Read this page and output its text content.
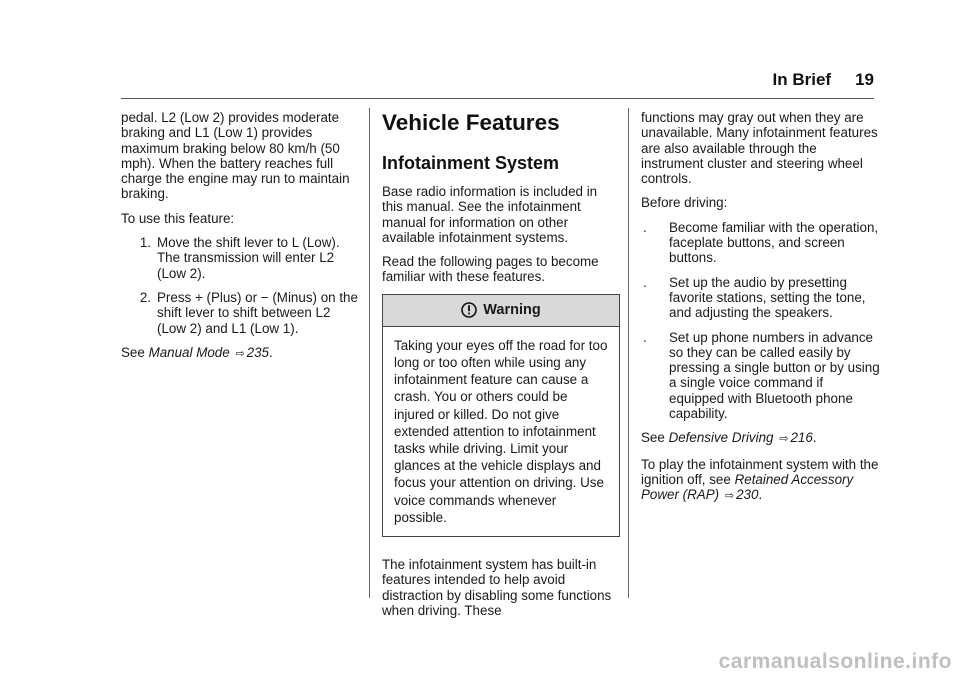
In Brief 19

pedal. L2 (Low 2) provides moderate braking and L1 (Low 1) provides maximum braking below 80 km/h (50 mph). When the battery reaches full charge the engine may run to maintain braking.

To use this feature:

1. Move the shift lever to L (Low). The transmission will enter L2 (Low 2).
2. Press + (Plus) or − (Minus) on the shift lever to shift between L2 (Low 2) and L1 (Low 1).

See Manual Mode ⇨ 235.

Vehicle Features
Infotainment System

Base radio information is included in this manual. See the infotainment manual for information on other available infotainment systems.

Read the following pages to become familiar with these features.

Warning
Taking your eyes off the road for too long or too often while using any infotainment feature can cause a crash. You or others could be injured or killed. Do not give extended attention to infotainment tasks while driving. Limit your glances at the vehicle displays and focus your attention on driving. Use voice commands whenever possible.

The infotainment system has built-in features intended to help avoid distraction by disabling some functions when driving. These

functions may gray out when they are unavailable. Many infotainment features are also available through the instrument cluster and steering wheel controls.

Before driving:

.	Become familiar with the operation, faceplate buttons, and screen buttons.
.	Set up the audio by presetting favorite stations, setting the tone, and adjusting the speakers.
.	Set up phone numbers in advance so they can be called easily by pressing a single button or by using a single voice command if equipped with Bluetooth phone capability.

See Defensive Driving ⇨ 216.

To play the infotainment system with the ignition off, see Retained Accessory Power (RAP) ⇨ 230.

carmanualsonline.info
